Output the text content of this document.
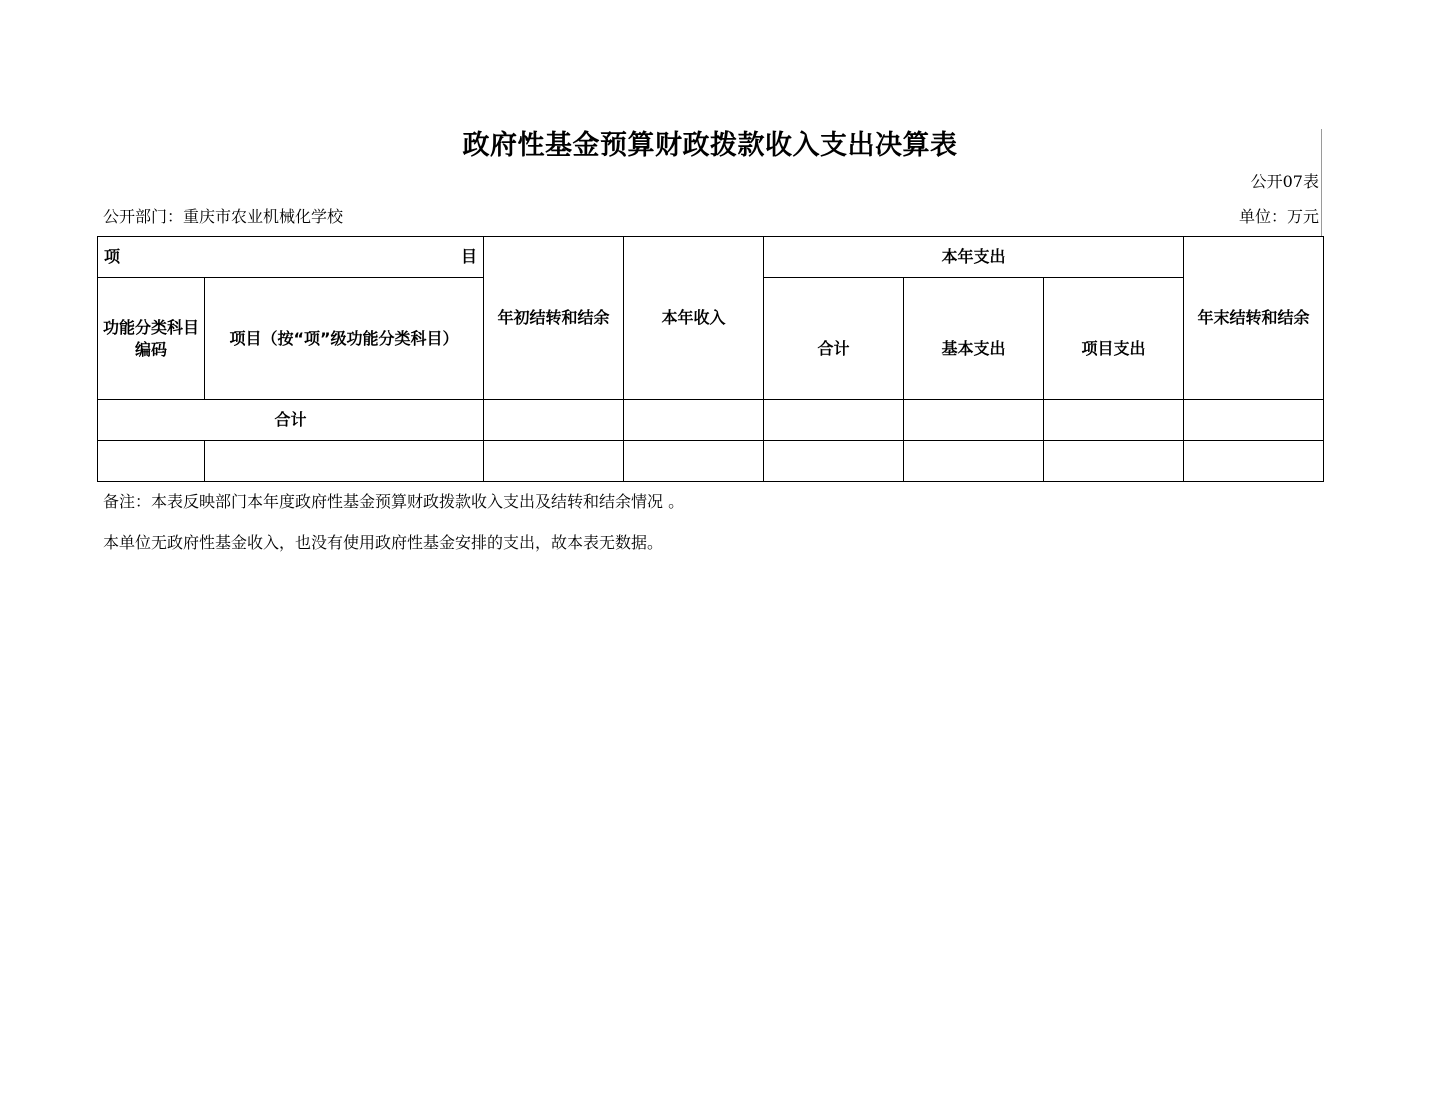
政府性基金预算财政拨款收入支出决算表
公开07表
公开部门：重庆市农业机械化学校	单位：万元
项 目		年初结转和结余	本年收入	本年支出			年末结转和结余
功能分类科目编码	项目（按“项”级功能分类科目）			合计	基本支出	项目支出	
合计							

备注：本表反映部门本年度政府性基金预算财政拨款收入支出及结转和结余情况 。
本单位无政府性基金收入，也没有使用政府性基金安排的支出，故本表无数据。
